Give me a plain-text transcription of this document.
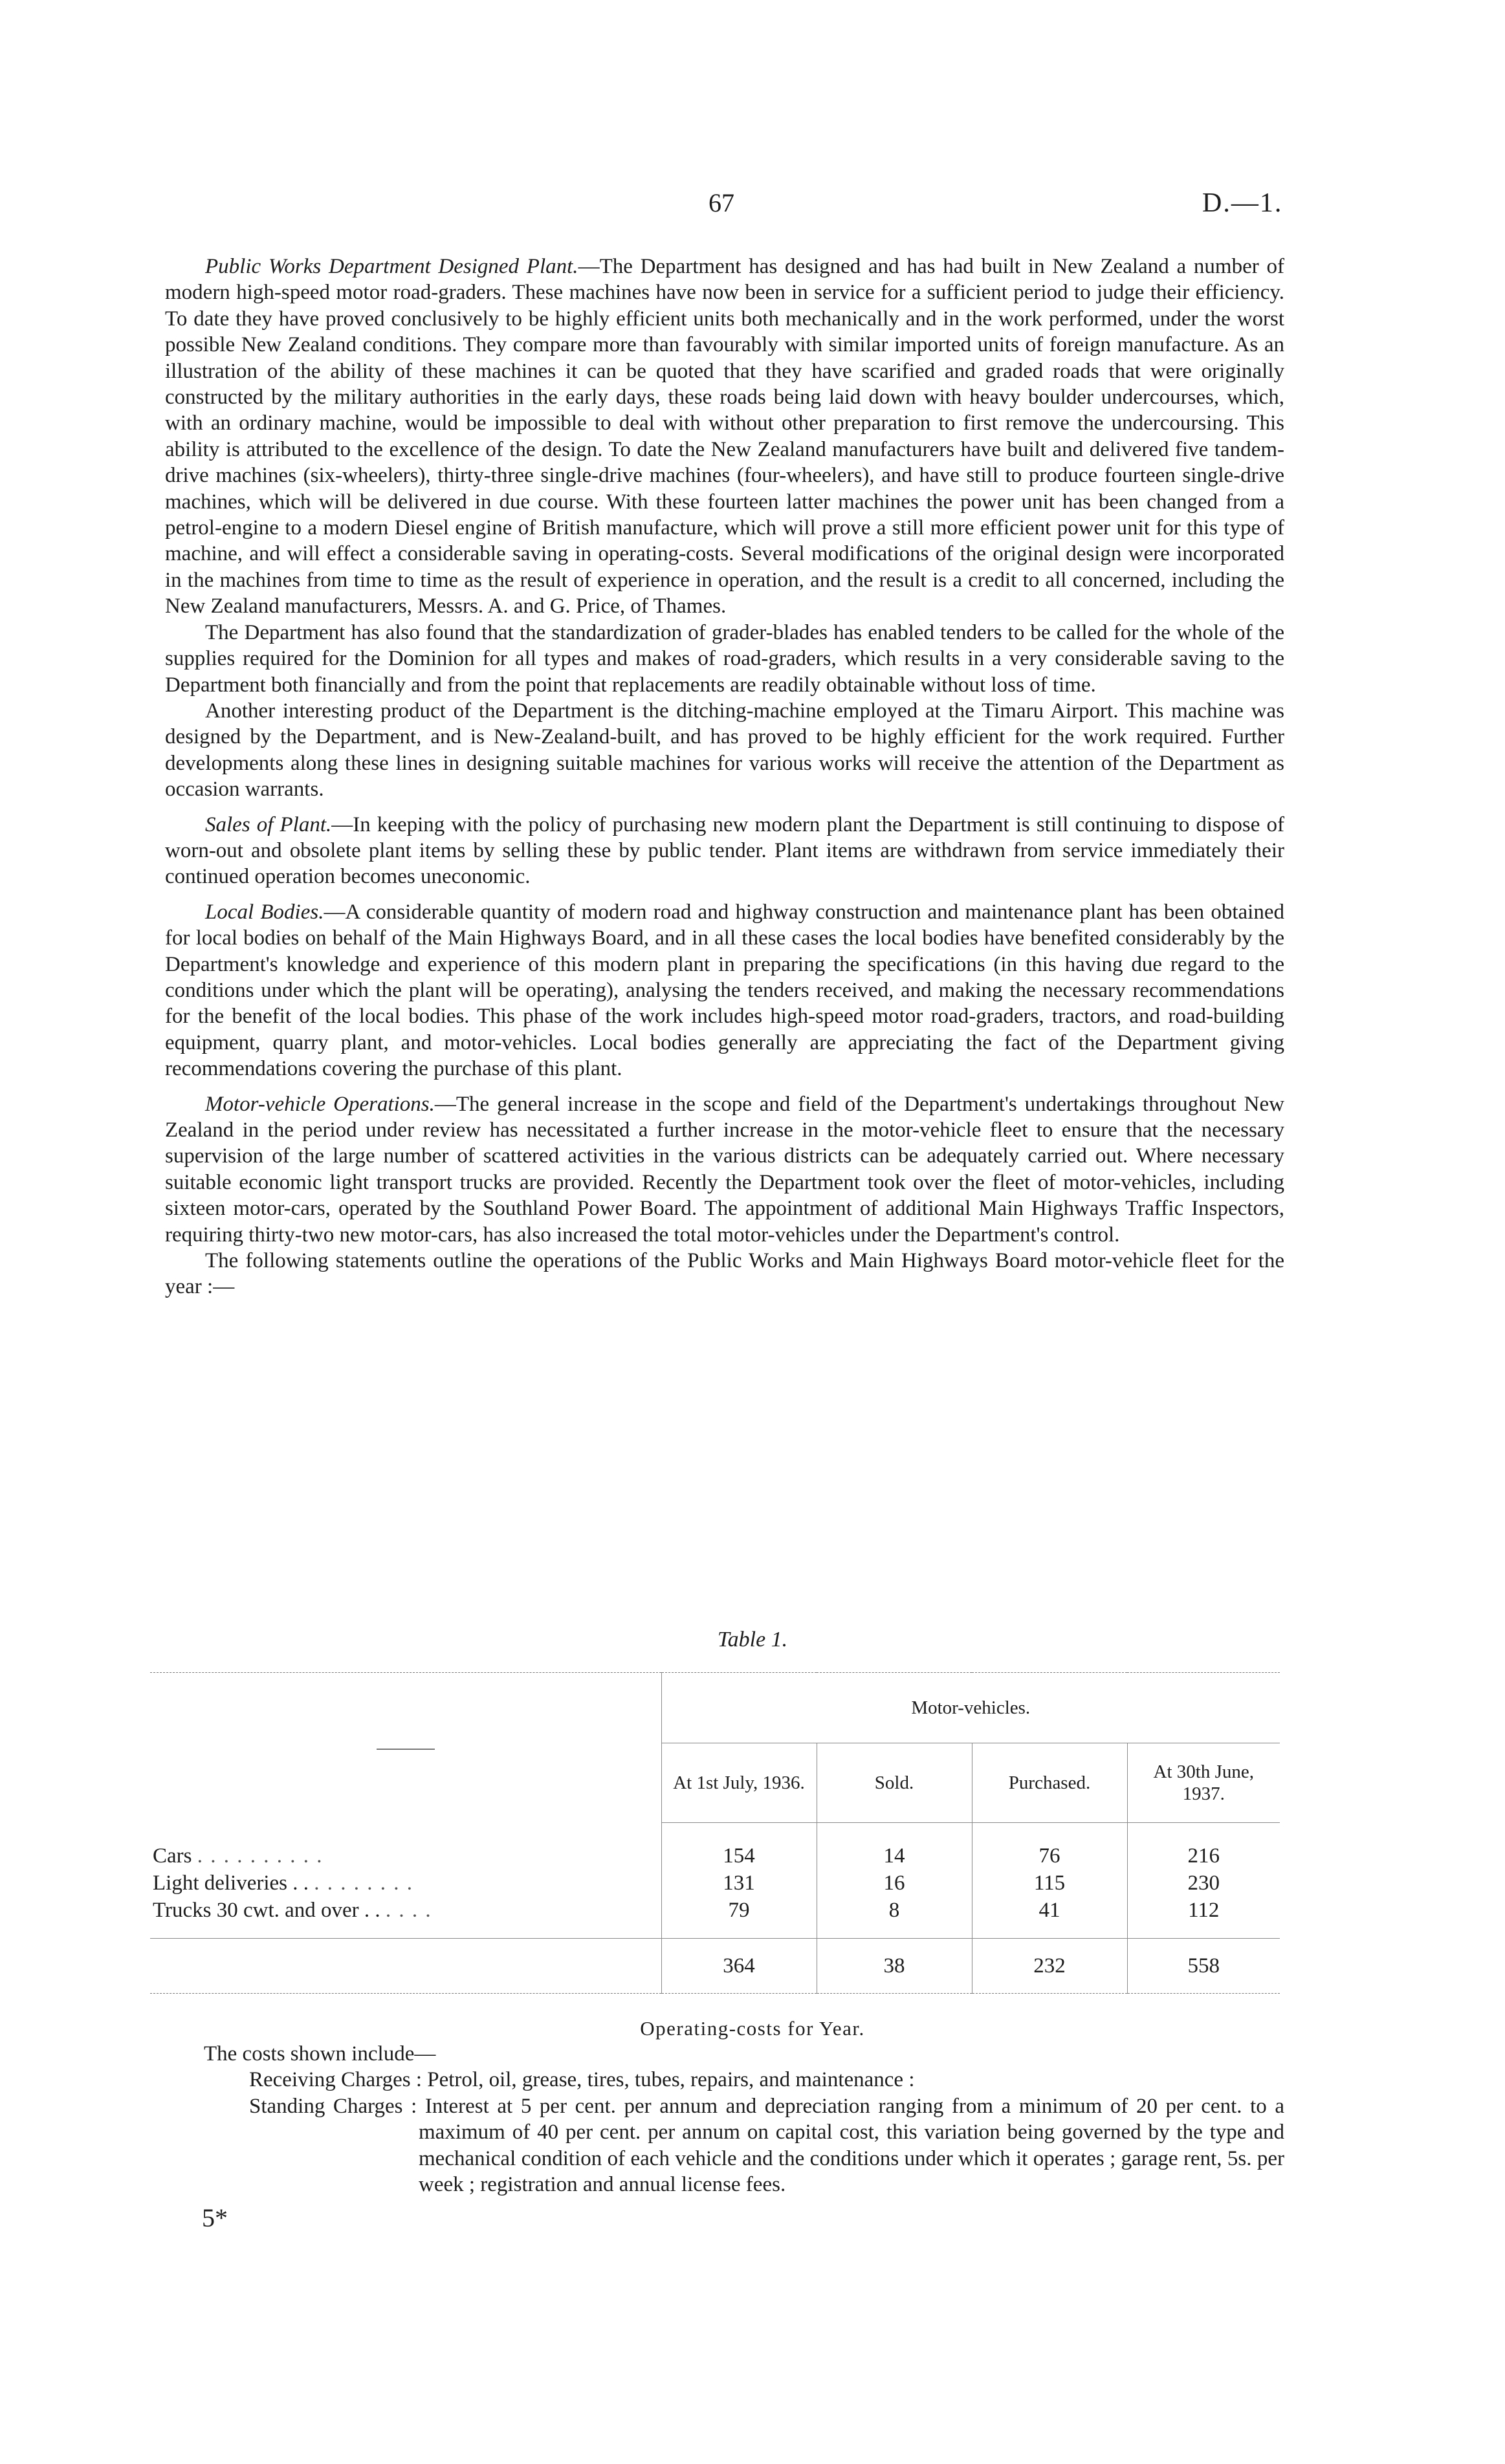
67	D.—1.

Public Works Department Designed Plant.—The Department has designed and has had built in New Zealand a number of modern high-speed motor road-graders. These machines have now been in service for a sufficient period to judge their efficiency. To date they have proved conclusively to be highly efficient units both mechanically and in the work performed, under the worst possible New Zealand conditions. They compare more than favourably with similar imported units of foreign manufacture. As an illustration of the ability of these machines it can be quoted that they have scarified and graded roads that were originally constructed by the military authorities in the early days, these roads being laid down with heavy boulder undercourses, which, with an ordinary machine, would be impossible to deal with without other preparation to first remove the undercoursing. This ability is attributed to the excellence of the design. To date the New Zealand manufacturers have built and delivered five tandem-drive machines (six-wheelers), thirty-three single-drive machines (four-wheelers), and have still to produce fourteen single-drive machines, which will be delivered in due course. With these fourteen latter machines the power unit has been changed from a petrol-engine to a modern Diesel engine of British manufacture, which will prove a still more efficient power unit for this type of machine, and will effect a considerable saving in operating-costs. Several modifications of the original design were incorporated in the machines from time to time as the result of experience in operation, and the result is a credit to all concerned, including the New Zealand manufacturers, Messrs. A. and G. Price, of Thames.

The Department has also found that the standardization of grader-blades has enabled tenders to be called for the whole of the supplies required for the Dominion for all types and makes of road-graders, which results in a very considerable saving to the Department both financially and from the point that replacements are readily obtainable without loss of time.

Another interesting product of the Department is the ditching-machine employed at the Timaru Airport. This machine was designed by the Department, and is New-Zealand-built, and has proved to be highly efficient for the work required. Further developments along these lines in designing suitable machines for various works will receive the attention of the Department as occasion warrants.

Sales of Plant.—In keeping with the policy of purchasing new modern plant the Department is still continuing to dispose of worn-out and obsolete plant items by selling these by public tender. Plant items are withdrawn from service immediately their continued operation becomes uneconomic.

Local Bodies.—A considerable quantity of modern road and highway construction and maintenance plant has been obtained for local bodies on behalf of the Main Highways Board, and in all these cases the local bodies have benefited considerably by the Department's knowledge and experience of this modern plant in preparing the specifications (in this having due regard to the conditions under which the plant will be operating), analysing the tenders received, and making the necessary recommendations for the benefit of the local bodies. This phase of the work includes high-speed motor road-graders, tractors, and road-building equipment, quarry plant, and motor-vehicles. Local bodies generally are appreciating the fact of the Department giving recommendations covering the purchase of this plant.

Motor-vehicle Operations.—The general increase in the scope and field of the Department's undertakings throughout New Zealand in the period under review has necessitated a further increase in the motor-vehicle fleet to ensure that the necessary supervision of the large number of scattered activities in the various districts can be adequately carried out. Where necessary suitable economic light transport trucks are provided. Recently the Department took over the fleet of motor-vehicles, including sixteen motor-cars, operated by the Southland Power Board. The appointment of additional Main Highways Traffic Inspectors, requiring thirty-two new motor-cars, has also increased the total motor-vehicles under the Department's control.

The following statements outline the operations of the Public Works and Main Highways Board motor-vehicle fleet for the year :—

Table 1.
	Motor-vehicles.			
	At 1st July, 1936.	Sold.	Purchased.	At 30th June, 1937.

Cars . . . . . . . . . .	154	14	76	216
Light deliveries . . . . . . . . . .	131	16	115	230
Trucks 30 cwt. and over . . . . . .	79	8	41	112

	364	38	232	558
Operating-costs for Year.

The costs shown include—

Receiving Charges : Petrol, oil, grease, tires, tubes, repairs, and maintenance :

Standing Charges : Interest at 5 per cent. per annum and depreciation ranging from a minimum of 20 per cent. to a maximum of 40 per cent. per annum on capital cost, this variation being governed by the type and mechanical condition of each vehicle and the conditions under which it operates ; garage rent, 5s. per week ; registration and annual license fees.

5*
